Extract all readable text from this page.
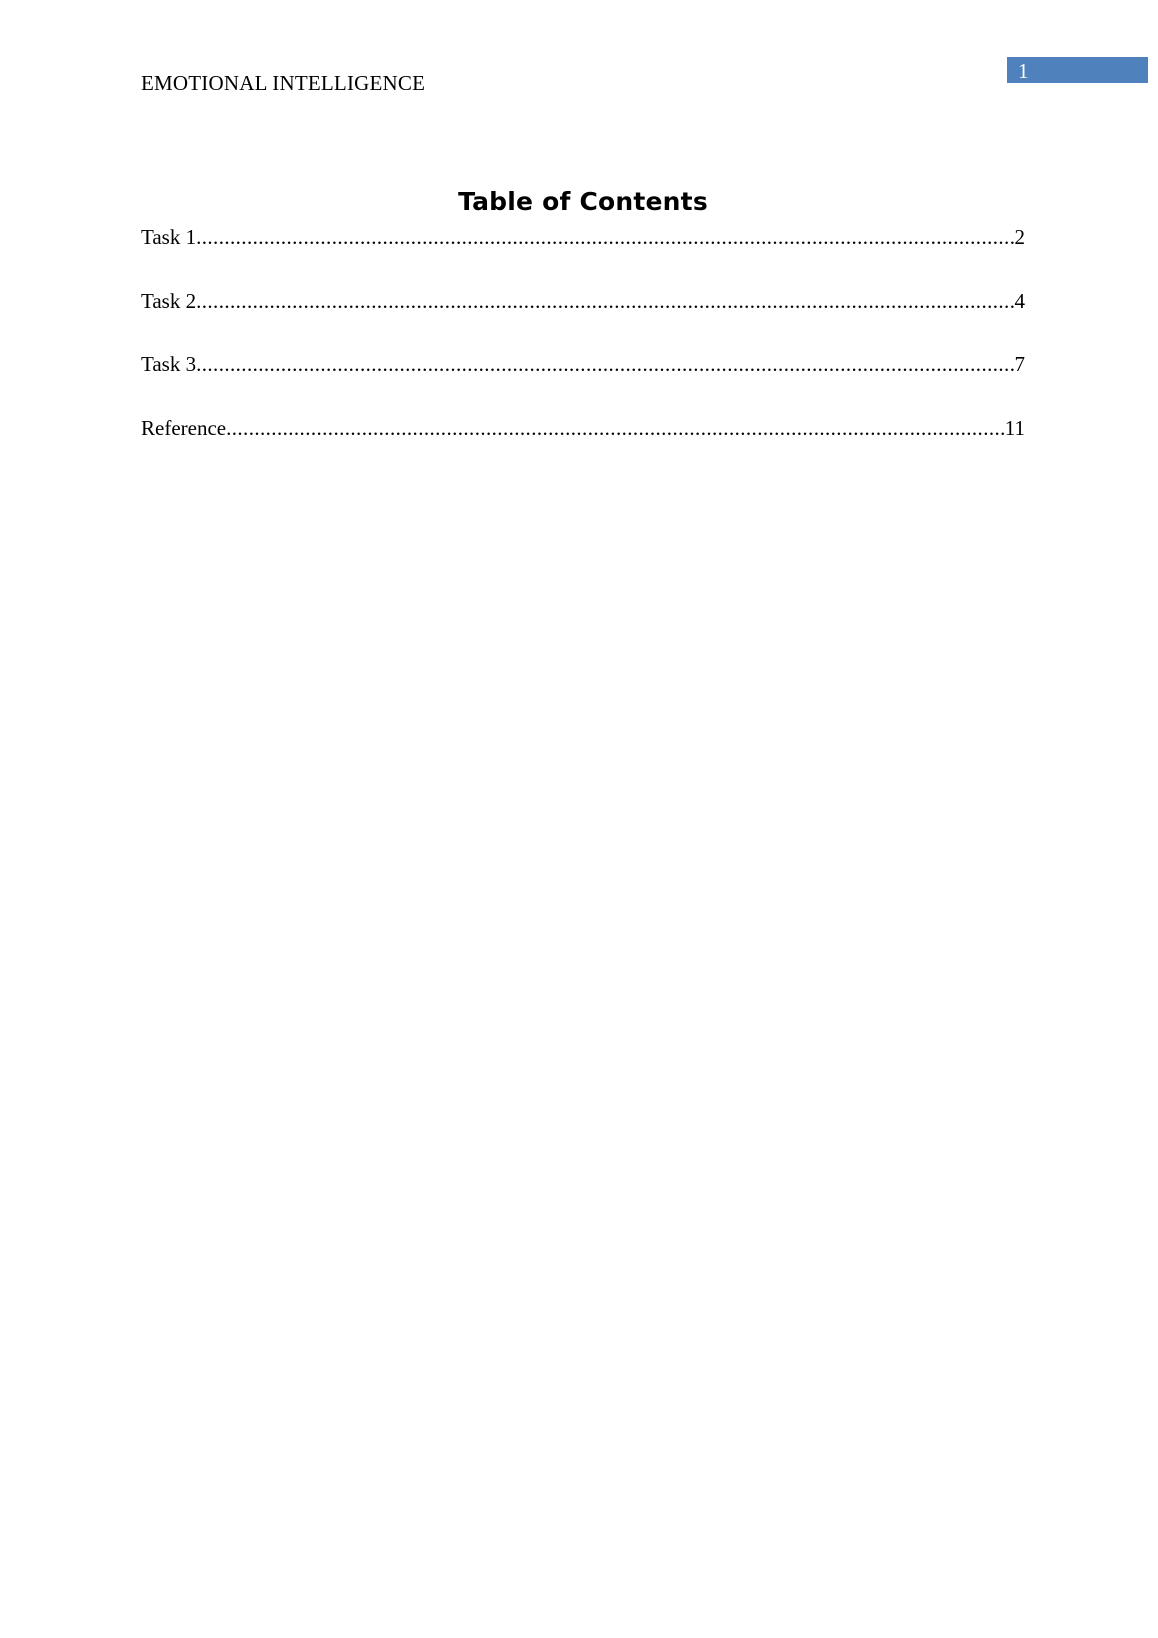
EMOTIONAL INTELLIGENCE	1
Table of Contents
Task 1 .....	2
Task 2 .....	4
Task 3 .....	7
Reference .....	11
